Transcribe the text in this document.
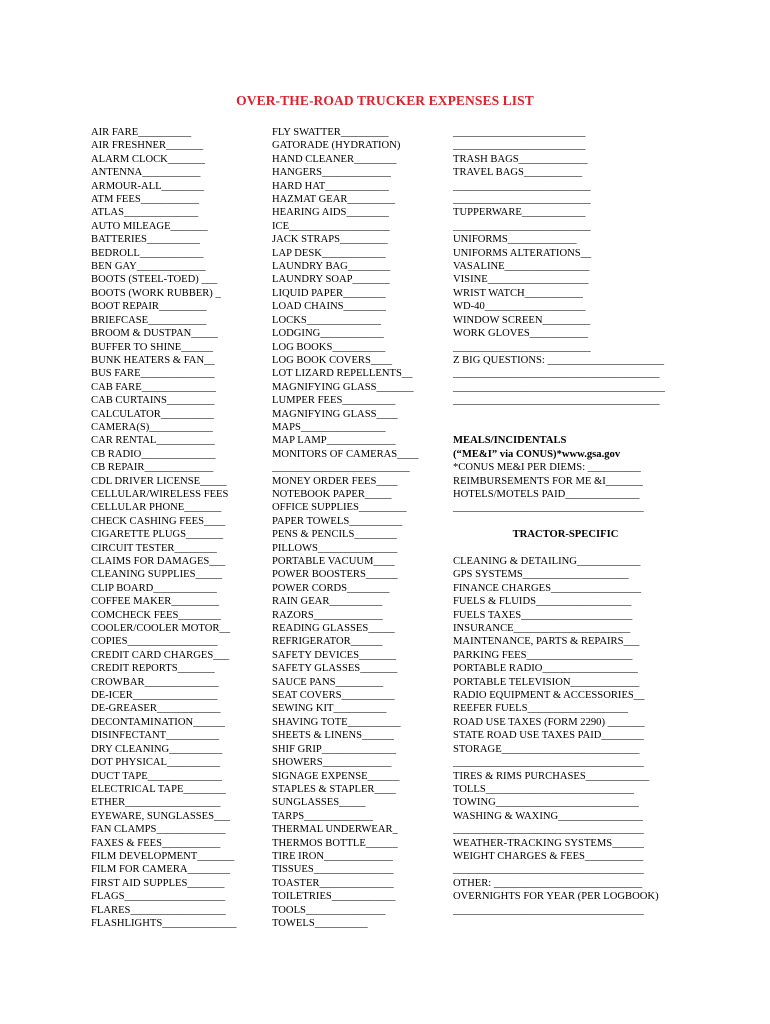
OVER-THE-ROAD TRUCKER EXPENSES LIST
AIR FARE__________
AIR FRESHNER_______
ALARM CLOCK_______
ANTENNA___________
ARMOUR-ALL________
ATM FEES___________
ATLAS______________
AUTO MILEAGE_______
BATTERIES__________
BEDROLL____________
BEN GAY_____________
BOOTS (STEEL-TOED) ___
BOOTS (WORK RUBBER) _
BOOT REPAIR_________
BRIEFCASE___________
BROOM & DUSTPAN_____
BUFFER TO SHINE______
BUNK HEATERS & FAN__
BUS FARE______________
CAB FARE______________
CAB CURTAINS_________
CALCULATOR__________
CAMERA(S)____________
CAR RENTAL___________
CB RADIO______________
CB REPAIR_____________
CDL DRIVER LICENSE_____
CELLULAR/WIRELESS FEES
CELLULAR PHONE_______
CHECK CASHING FEES____
CIGARETTE PLUGS_______
CIRCUIT TESTER________
CLAIMS FOR DAMAGES___
CLEANING SUPPLIES_____
CLIP BOARD____________
COFFEE MAKER_________
COMCHECK FEES________
COOLER/COOLER MOTOR__
COPIES_________________
CREDIT CARD CHARGES___
CREDIT REPORTS_______
CROWBAR______________
DE-ICER________________
DE-GREASER____________
DECONTAMINATION______
DISINFECTANT__________
DRY CLEANING__________
DOT PHYSICAL__________
DUCT TAPE______________
ELECTRICAL TAPE________
ETHER__________________
EYEWARE, SUNGLASSES___
FAN CLAMPS_____________
FAXES & FEES___________
FILM DEVELOPMENT_______
FILM FOR CAMERA________
FIRST AID SUPPLES_______
FLAGS___________________
FLARES__________________
FLASHLIGHTS______________
FLY SWATTER_________
GATORADE (HYDRATION)
HAND CLEANER________
HANGERS_____________
HARD HAT____________
HAZMAT GEAR_________
HEARING AIDS________
ICE___________________
JACK STRAPS_________
LAP DESK____________
LAUNDRY BAG________
LAUNDRY SOAP_______
LIQUID PAPER________
LOAD CHAINS________
LOCKS______________
LODGING____________
LOG BOOKS__________
LOG BOOK COVERS____
LOT LIZARD REPELLENTS__
MAGNIFYING GLASS_______
LUMPER FEES__________
MAGNIFYING GLASS____
MAPS________________
MAP LAMP_____________
MONITORS OF CAMERAS____
__________________________
MONEY ORDER FEES____
NOTEBOOK PAPER_____
OFFICE SUPPLIES_________
PAPER TOWELS__________
PENS & PENCILS________
PILLOWS_______________
PORTABLE VACUUM____
POWER BOOSTERS______
POWER CORDS________
RAIN GEAR__________
RAZORS_____________
READING GLASSES_____
REFRIGERATOR______
SAFETY DEVICES_______
SAFETY GLASSES_______
SAUCE PANS_________
SEAT COVERS__________
SEWING KIT__________
SHAVING TOTE__________
SHEETS & LINENS______
SHIF GRIP______________
SHOWERS_____________
SIGNAGE EXPENSE______
STAPLES & STAPLER____
SUNGLASSES_____
TARPS_____________
THERMAL UNDERWEAR_
THERMOS BOTTLE______
TIRE IRON_____________
TISSUES_______________
TOASTER______________
TOILETRIES____________
TOOLS_______________
TOWELS__________
_________________________
_________________________
TRASH BAGS_____________
TRAVEL BAGS___________
__________________________
__________________________
TUPPERWARE____________
__________________________
UNIFORMS_____________
UNIFORMS ALTERATIONS__
VASALINE________________
VISINE___________________
WRIST WATCH___________
WD-40___________________
WINDOW SCREEN_________
WORK GLOVES___________
__________________________
Z BIG QUESTIONS: ______________________
_______________________________________
________________________________________
_______________________________________
MEALS/INCIDENTALS
(“ME&I” via CONUS)*www.gsa.gov
*CONUS ME&I PER DIEMS: __________
REIMBURSEMENTS FOR ME &I_______
HOTELS/MOTELS PAID______________
____________________________________
TRACTOR-SPECIFIC
CLEANING & DETAILING____________
GPS SYSTEMS____________________
FINANCE CHARGES_________________
FUELS & FLUIDS__________________
FUELS TAXES_____________________
INSURANCE______________________
MAINTENANCE, PARTS & REPAIRS___
PARKING FEES____________________
PORTABLE RADIO__________________
PORTABLE TELEVISION_____________
RADIO EQUIPMENT & ACCESSORIES__
REEFER FUELS___________________
ROAD USE TAXES (FORM 2290) _______
STATE ROAD USE TAXES PAID________
STORAGE__________________________
____________________________________
TIRES & RIMS PURCHASES____________
TOLLS____________________________
TOWING___________________________
WASHING & WAXING________________
____________________________________
WEATHER-TRACKING SYSTEMS______
WEIGHT CHARGES & FEES___________
____________________________________
OTHER: ____________________________
OVERNIGHTS FOR YEAR (PER LOGBOOK)
____________________________________
